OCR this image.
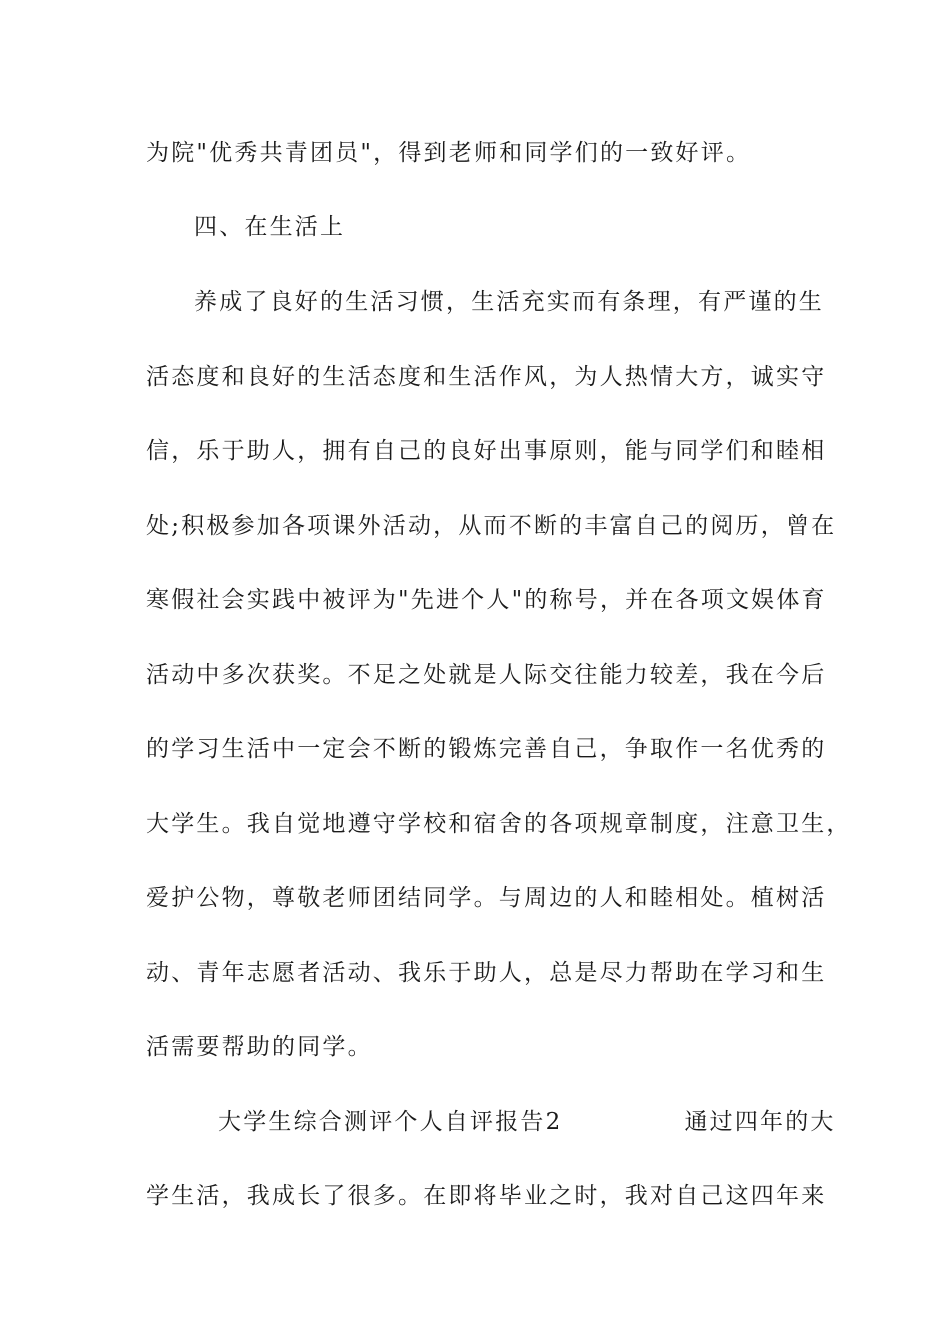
为院"优秀共青团员"，得到老师和同学们的一致好评。
四、在生活上
养成了良好的生活习惯，生活充实而有条理，有严谨的生
活态度和良好的生活态度和生活作风，为人热情大方，诚实守
信，乐于助人，拥有自己的良好出事原则，能与同学们和睦相
处;积极参加各项课外活动，从而不断的丰富自己的阅历，曾在
寒假社会实践中被评为"先进个人"的称号，并在各项文娱体育
活动中多次获奖。不足之处就是人际交往能力较差，我在今后
的学习生活中一定会不断的锻炼完善自己，争取作一名优秀的
大学生。我自觉地遵守学校和宿舍的各项规章制度，注意卫生，
爱护公物，尊敬老师团结同学。与周边的人和睦相处。植树活
动、青年志愿者活动、我乐于助人，总是尽力帮助在学习和生
活需要帮助的同学。
大学生综合测评个人自评报告2	通过四年的大
学生活，我成长了很多。在即将毕业之时，我对自己这四年来
